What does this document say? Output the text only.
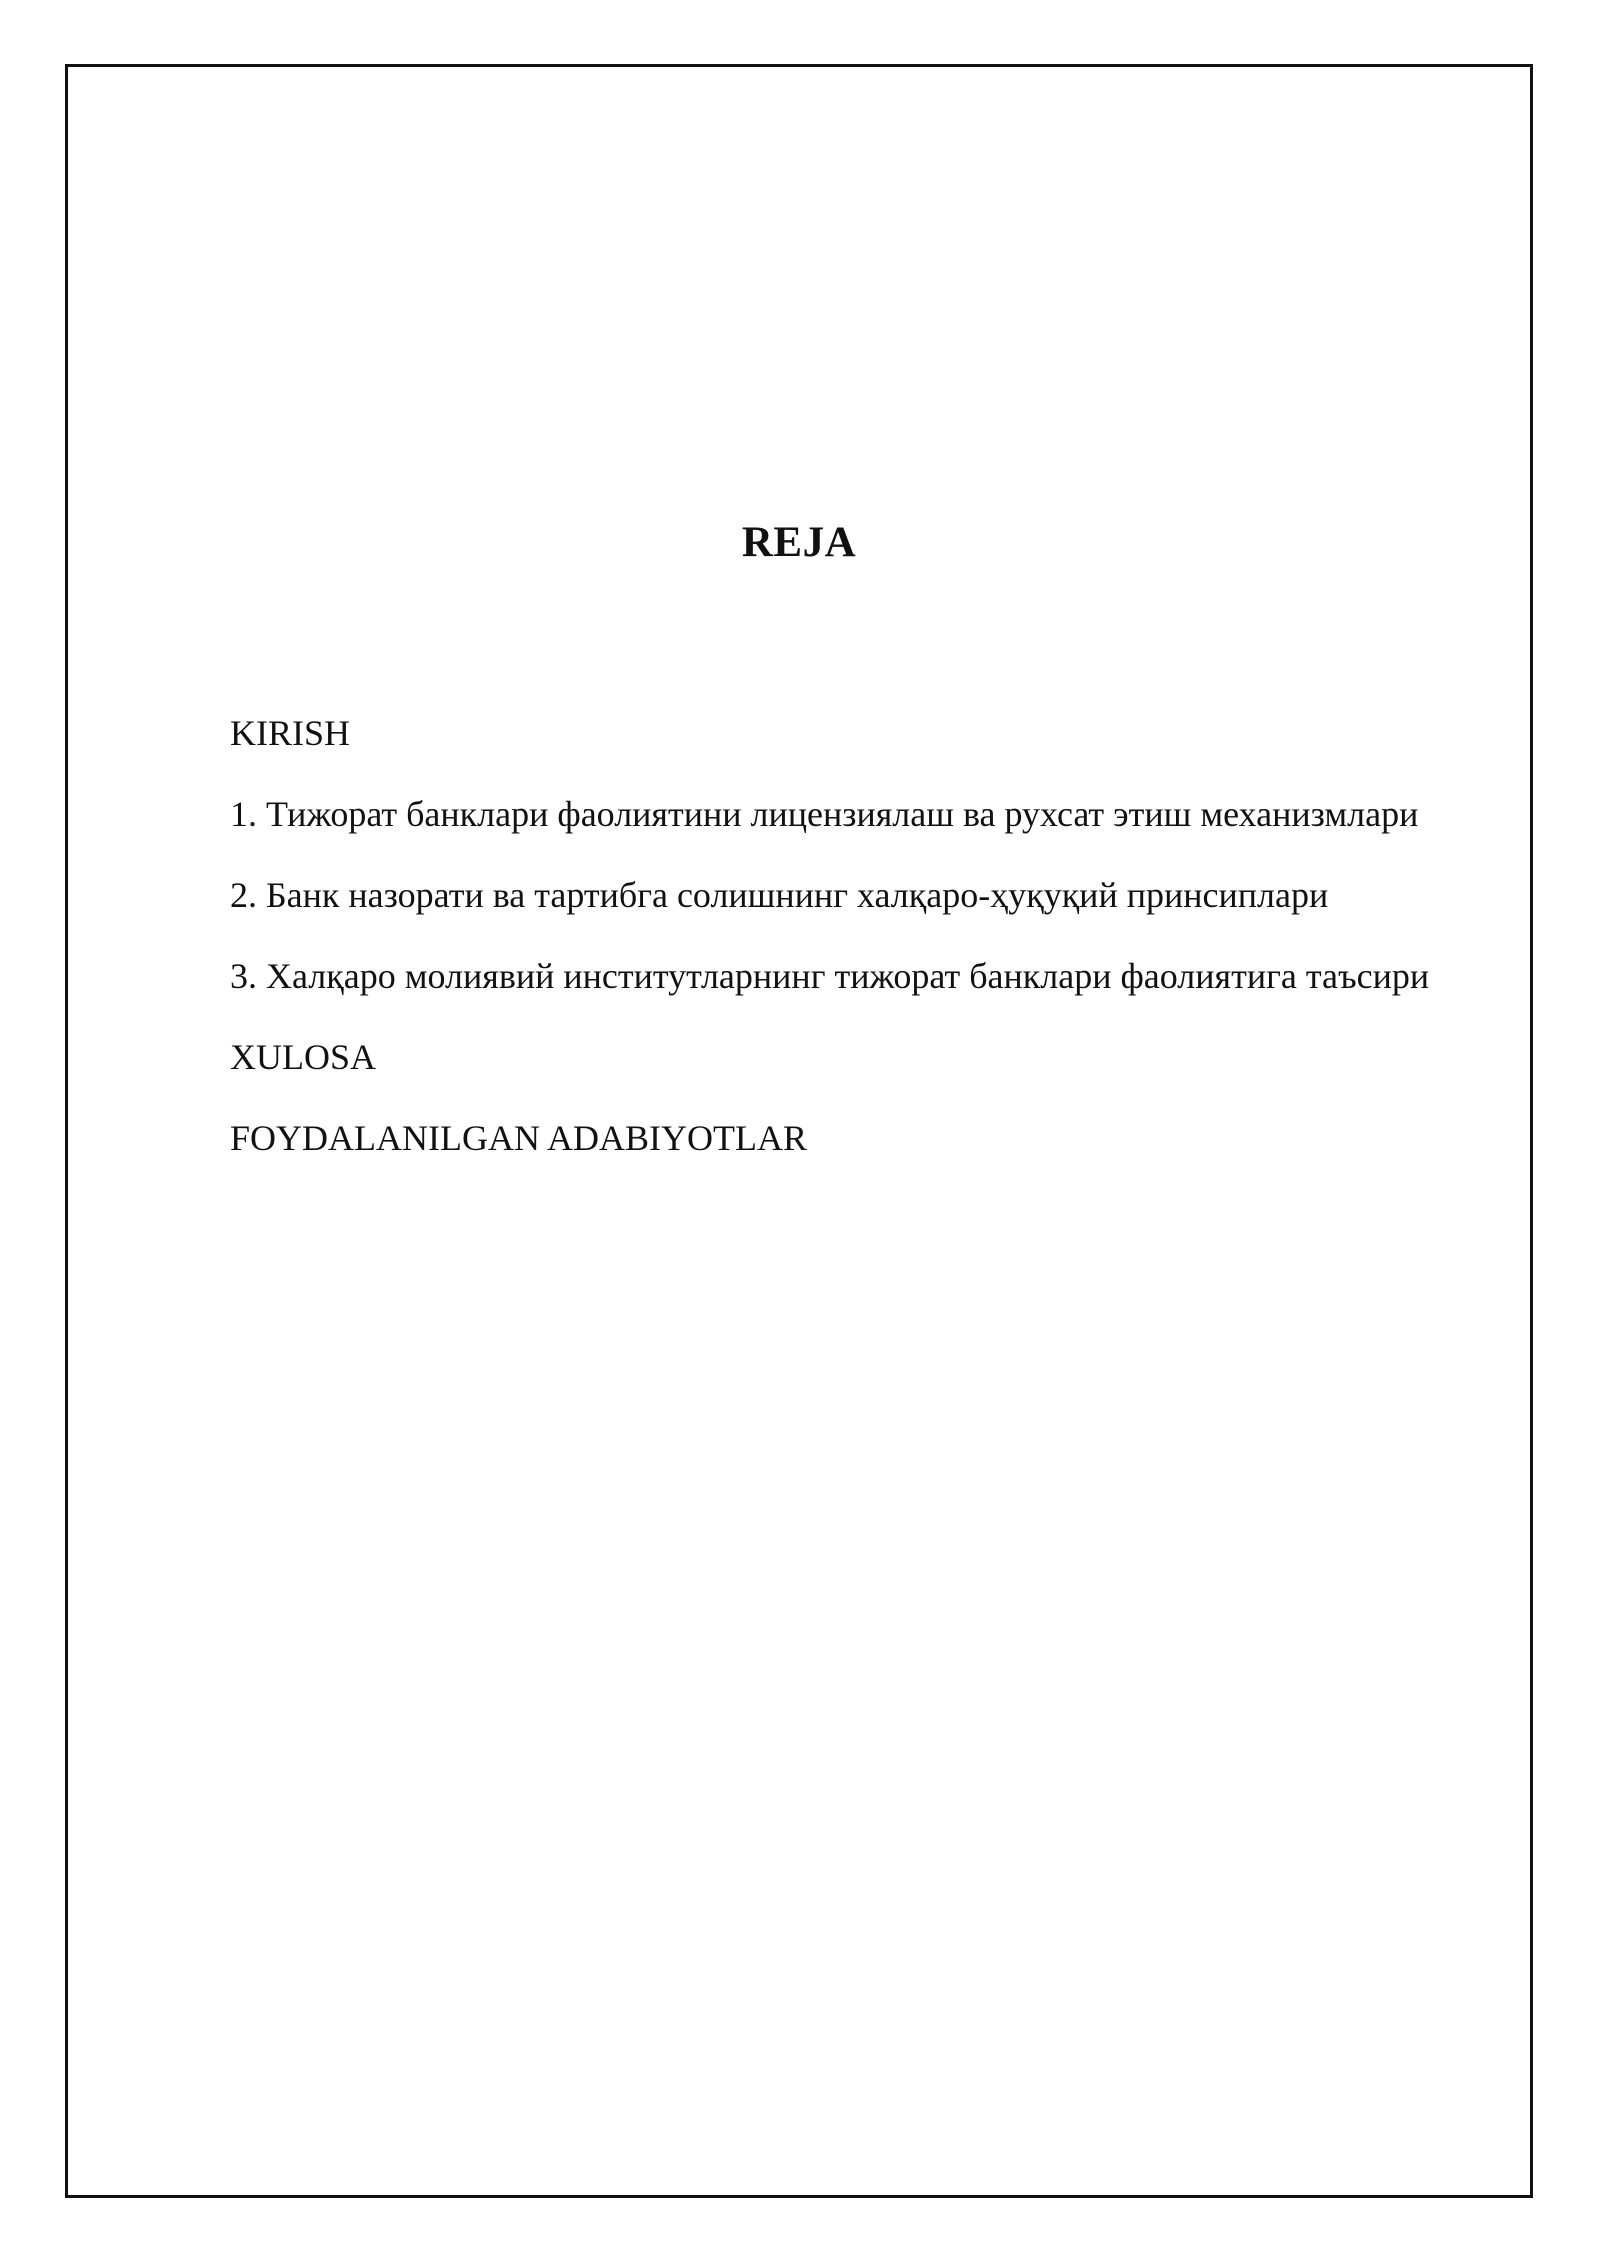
REJA
KIRISH
1. Тижорат банклари фаолиятини лицензиялаш ва рухсат этиш механизмлари
2. Банк назорати ва тартибга солишнинг халқаро-ҳуқуқий принсиплари
3. Халқаро молиявий институтларнинг тижорат банклари фаолиятига таъсири
XULOSA
FOYDALANILGAN ADABIYOTLAR
